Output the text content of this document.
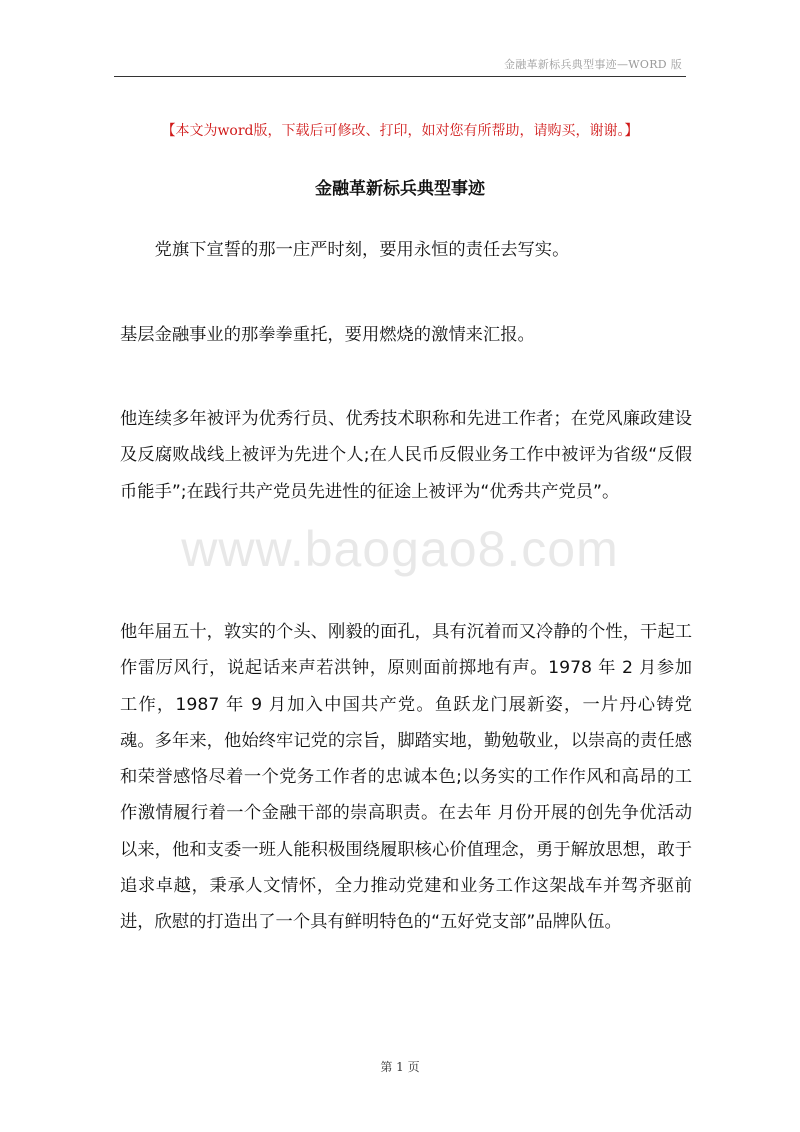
金融革新标兵典型事迹—WORD 版
【本文为word版，下载后可修改、打印，如对您有所帮助，请购买，谢谢。】
金融革新标兵典型事迹

党旗下宣誓的那一庄严时刻，要用永恒的责任去写实。

基层金融事业的那拳拳重托，要用燃烧的激情来汇报。

他连续多年被评为优秀行员、优秀技术职称和先进工作者；在党风廉政建设及反腐败战线上被评为先进个人;在人民币反假业务工作中被评为省级“反假币能手”;在践行共产党员先进性的征途上被评为“优秀共产党员”。

他年届五十，敦实的个头、刚毅的面孔，具有沉着而又冷静的个性，干起工作雷厉风行，说起话来声若洪钟，原则面前掷地有声。1978 年 2 月参加工作，1987 年 9 月加入中国共产党。鱼跃龙门展新姿，一片丹心铸党魂。多年来，他始终牢记党的宗旨，脚踏实地，勤勉敬业，以崇高的责任感和荣誉感恪尽着一个党务工作者的忠诚本色;以务实的工作作风和高昂的工作激情履行着一个金融干部的崇高职责。在去年 月份开展的创先争优活动以来，他和支委一班人能积极围绕履职核心价值理念，勇于解放思想，敢于追求卓越，秉承人文情怀，全力推动党建和业务工作这架战车并驾齐驱前进，欣慰的打造出了一个具有鲜明特色的“五好党支部”品牌队伍。

www.baogao8.com
第 1 页
